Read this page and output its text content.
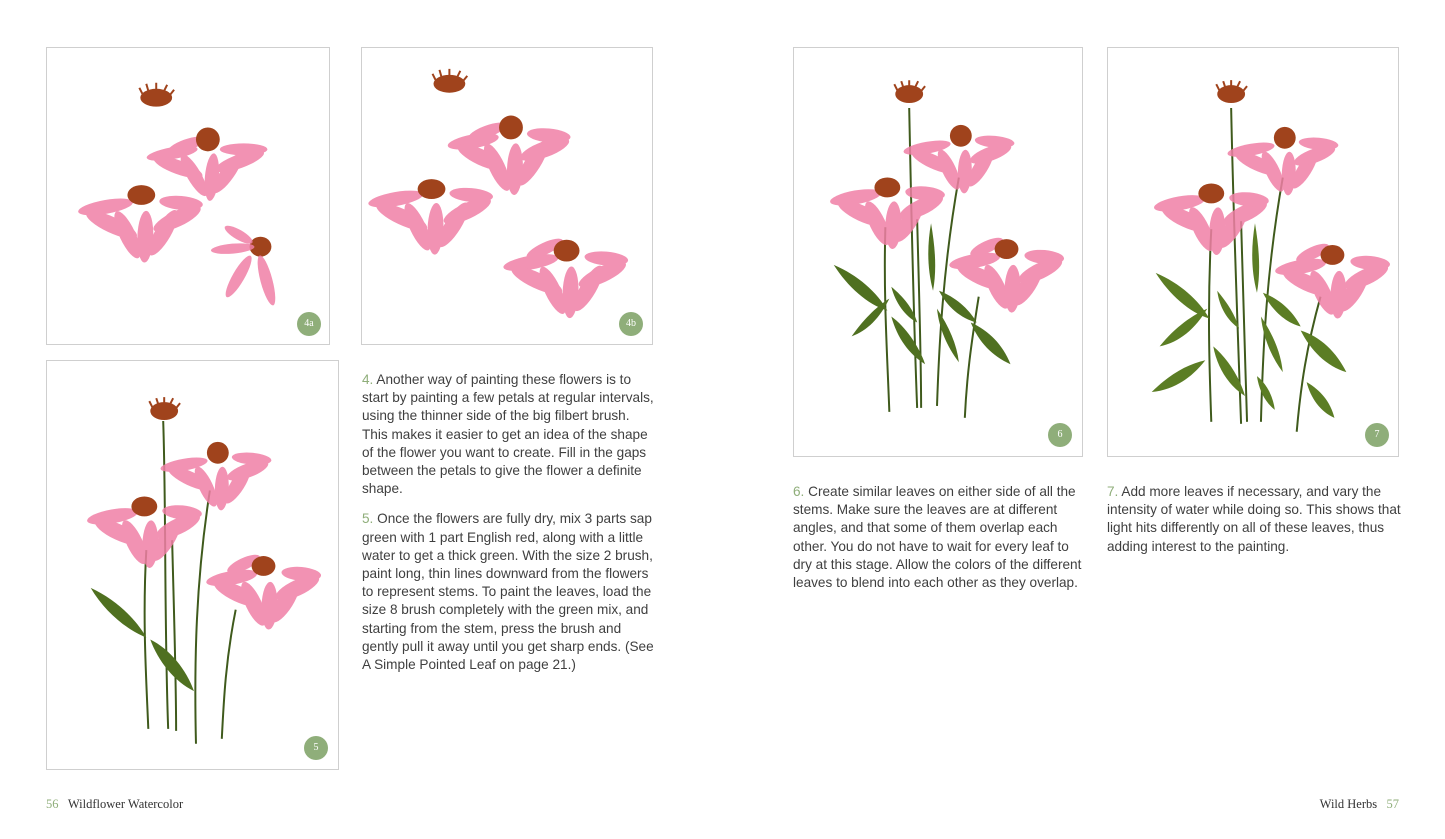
4a	4b
5
6	7

4. Another way of painting these flowers is to start by painting a few petals at regular intervals, using the thinner side of the big filbert brush. This makes it easier to get an idea of the shape of the flower you want to create. Fill in the gaps between the petals to give the flower a definite shape.

5. Once the flowers are fully dry, mix 3 parts sap green with 1 part English red, along with a little water to get a thick green. With the size 2 brush, paint long, thin lines downward from the flowers to represent stems. To paint the leaves, load the size 8 brush completely with the green mix, and starting from the stem, press the brush and gently pull it away until you get sharp ends. (See A Simple Pointed Leaf on page 21.)

6. Create similar leaves on either side of all the stems. Make sure the leaves are at different angles, and that some of them overlap each other. You do not have to wait for every leaf to dry at this stage. Allow the colors of the different leaves to blend into each other as they overlap.

7. Add more leaves if necessary, and vary the intensity of water while doing so. This shows that light hits differently on all of these leaves, thus adding interest to the painting.

56 Wildflower Watercolor	Wild Herbs 57
